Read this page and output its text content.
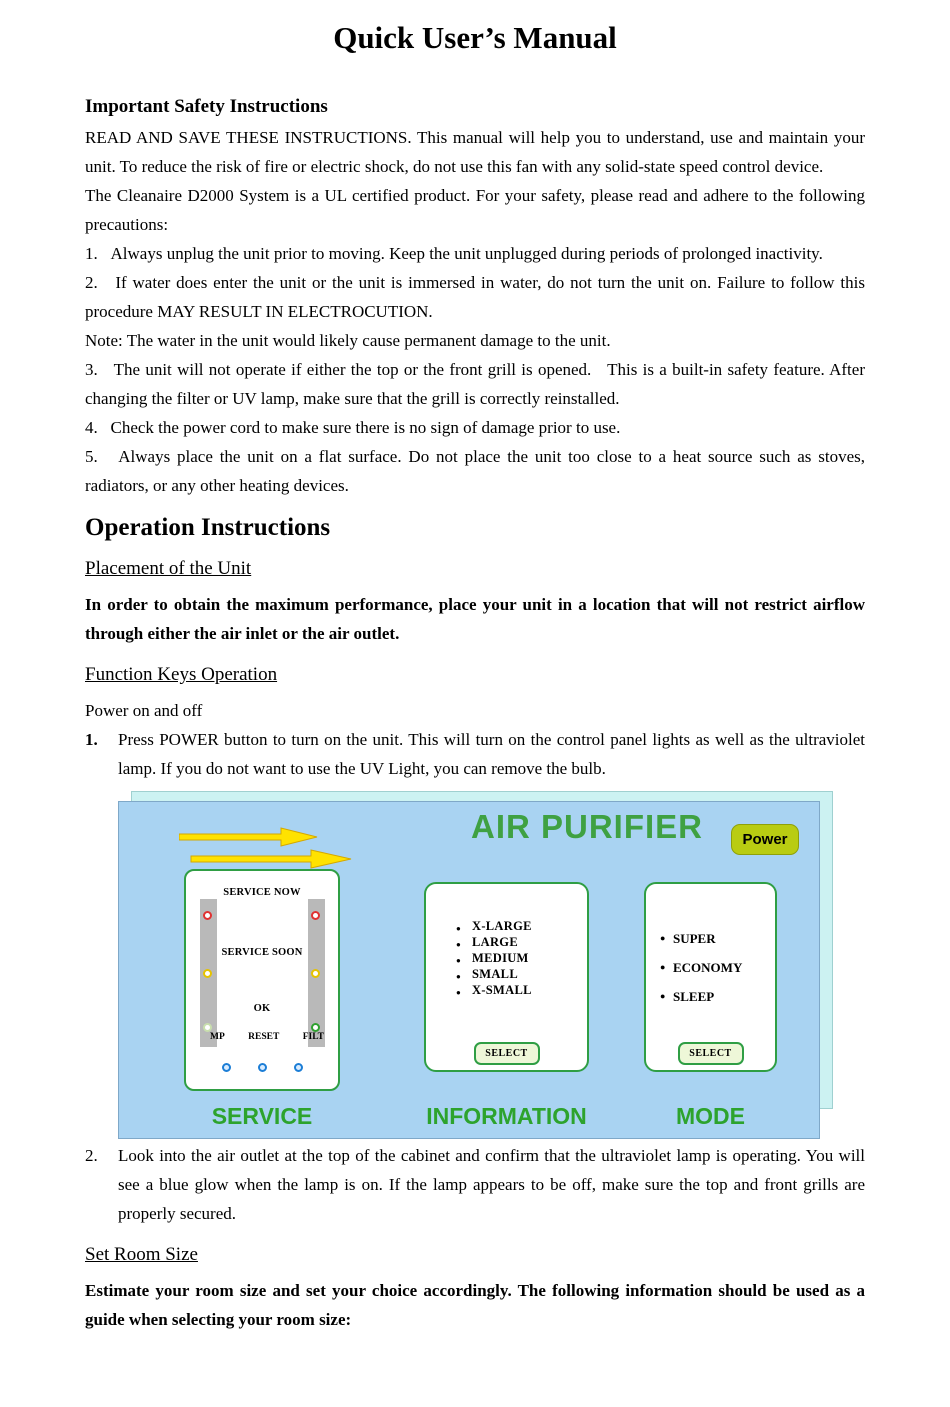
Quick User’s Manual
Important Safety Instructions

READ AND SAVE THESE INSTRUCTIONS. This manual will help you to understand, use and maintain your unit. To reduce the risk of fire or electric shock, do not use this fan with any solid-state speed control device.

The Cleanaire D2000 System is a UL certified product. For your safety, please read and adhere to the following precautions:

1.   Always unplug the unit prior to moving. Keep the unit unplugged during periods of prolonged inactivity.

2.   If water does enter the unit or the unit is immersed in water, do not turn the unit on. Failure to follow this procedure MAY RESULT IN ELECTROCUTION.

Note: The water in the unit would likely cause permanent damage to the unit.

3.   The unit will not operate if either the top or the front grill is opened.   This is a built-in safety feature. After changing the filter or UV lamp, make sure that the grill is correctly reinstalled.

4.   Check the power cord to make sure there is no sign of damage prior to use.

5.   Always place the unit on a flat surface. Do not place the unit too close to a heat source such as stoves, radiators, or any other heating devices.

Operation Instructions
Placement of the Unit

In order to obtain the maximum performance, place your unit in a location that will not restrict airflow through either the air inlet or the air outlet.

Function Keys Operation

Power on and off

1.	Press POWER button to turn on the unit. This will turn on the control panel lights as well as the ultraviolet lamp. If you do not want to use the UV Light, you can remove the bulb.
AIR PURIFIER	Power
SERVICE NOW
SERVICE SOON
OK
MP RESET FILT
● X-LARGE
● LARGE
● MEDIUM
● SMALL
● X-SMALL
SELECT
● SUPER
● ECONOMY
● SLEEP
SELECT
SERVICE	INFORMATION	MODE
2.	Look into the air outlet at the top of the cabinet and confirm that the ultraviolet lamp is operating. You will see a blue glow when the lamp is on. If the lamp appears to be off, make sure the top and front grills are properly secured.
Set Room Size

Estimate your room size and set your choice accordingly. The following information should be used as a guide when selecting your room size:
